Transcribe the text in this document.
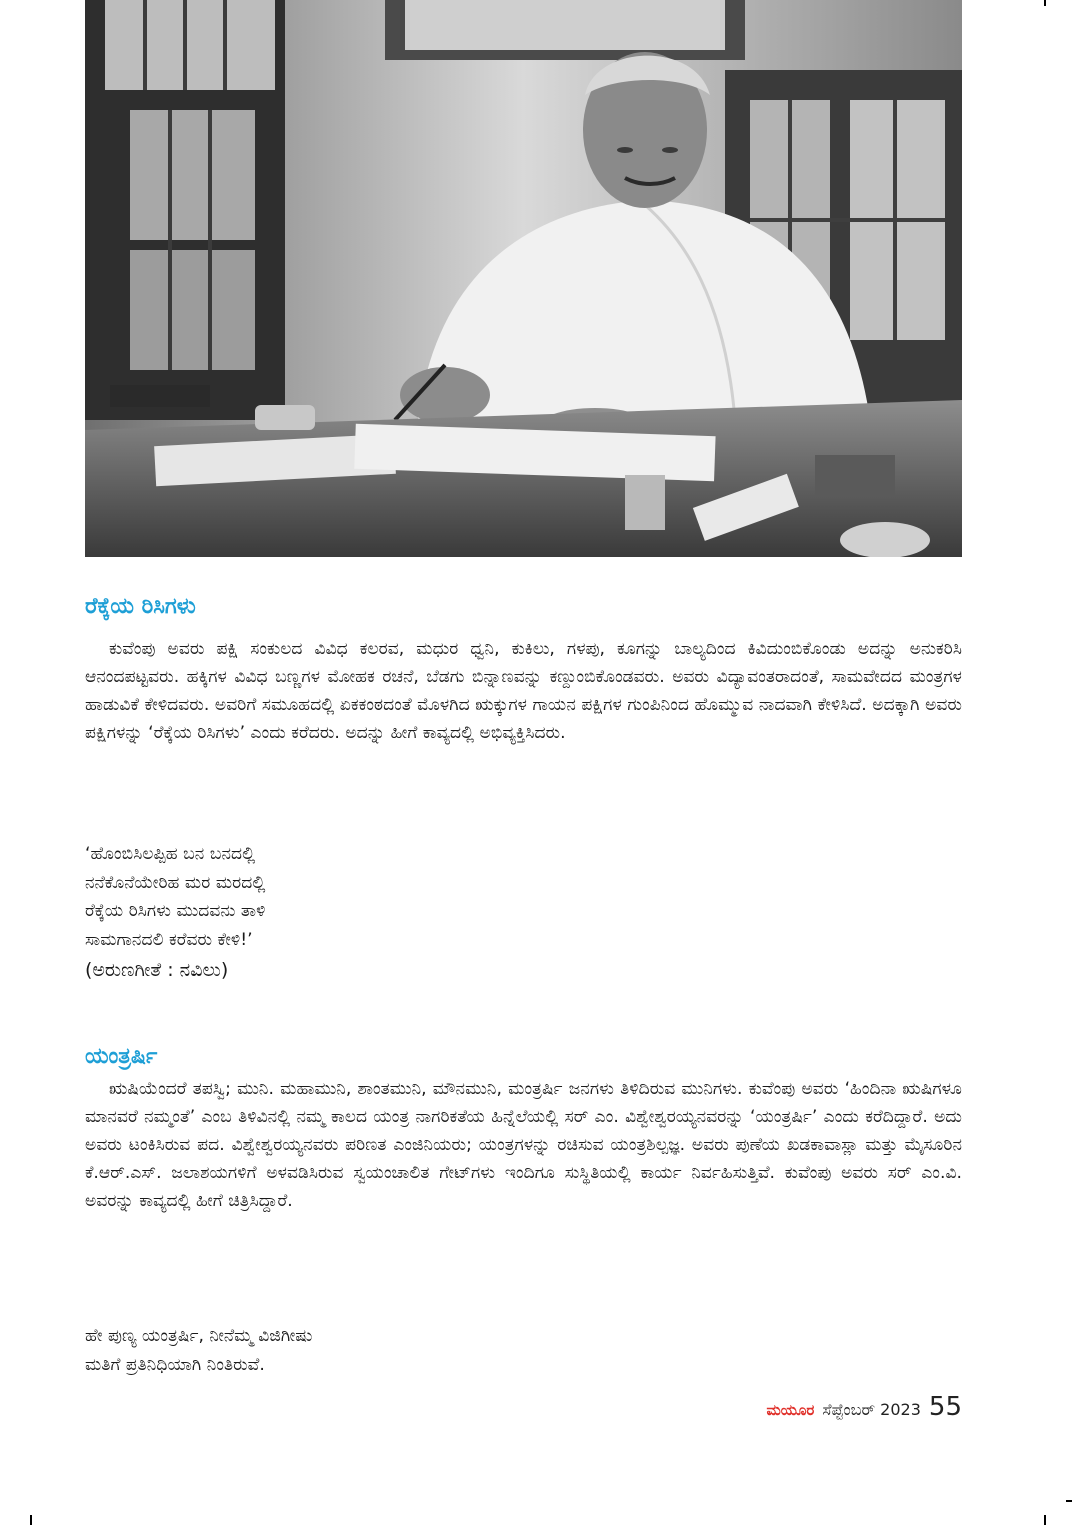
ರೆಕ್ಕೆಯ ರಿಸಿಗಳು

ಕುವೆಂಪು ಅವರು ಪಕ್ಷಿ ಸಂಕುಲದ ವಿವಿಧ ಕಲರವ, ಮಧುರ ಧ್ವನಿ, ಕುಕಿಲು, ಗಳಪು, ಕೂಗನ್ನು ಬಾಲ್ಯದಿಂದ ಕಿವಿದುಂಬಿಕೊಂಡು ಅದನ್ನು ಅನುಕರಿಸಿ ಆನಂದಪಟ್ಟವರು. ಹಕ್ಕಿಗಳ ವಿವಿಧ ಬಣ್ಣಗಳ ಮೋಹಕ ರಚನೆ, ಬೆಡಗು ಬಿನ್ನಾಣವನ್ನು ಕಣ್ದುಂಬಿಕೊಂಡವರು. ಅವರು ವಿದ್ಯಾವಂತರಾದಂತೆ, ಸಾಮವೇದದ ಮಂತ್ರಗಳ ಹಾಡುವಿಕೆ ಕೇಳಿದವರು. ಅವರಿಗೆ ಸಮೂಹದಲ್ಲಿ ಏಕಕಂಠದಂತೆ ಮೊಳಗಿದ ಋಕ್ಕುಗಳ ಗಾಯನ ಪಕ್ಷಿಗಳ ಗುಂಪಿನಿಂದ ಹೊಮ್ಮುವ ನಾದವಾಗಿ ಕೇಳಿಸಿದೆ. ಅದಕ್ಕಾಗಿ ಅವರು ಪಕ್ಷಿಗಳನ್ನು ‘ರೆಕ್ಕೆಯ ರಿಸಿಗಳು’ ಎಂದು ಕರೆದರು. ಅದನ್ನು ಹೀಗೆ ಕಾವ್ಯದಲ್ಲಿ ಅಭಿವ್ಯಕ್ತಿಸಿದರು.

‘ಹೊಂಬಿಸಿಲಪ್ಪಿಹ ಬನ ಬನದಲ್ಲಿ
ನನೆಕೊನೆಯೇರಿಹ ಮರ ಮರದಲ್ಲಿ
ರೆಕ್ಕೆಯ ರಿಸಿಗಳು ಮುದವನು ತಾಳಿ
ಸಾಮಗಾನದಲಿ ಕರೆವರು ಕೇಳಿ!’
(ಅರುಣಗೀತೆ : ನವಿಲು)
ಯಂತ್ರರ್ಷಿ

ಋಷಿಯೆಂದರೆ ತಪಸ್ವಿ; ಮುನಿ. ಮಹಾಮುನಿ, ಶಾಂತಮುನಿ, ಮೌನಮುನಿ, ಮಂತ್ರರ್ಷಿ ಜನಗಳು ತಿಳಿದಿರುವ ಮುನಿಗಳು. ಕುವೆಂಪು ಅವರು ‘ಹಿಂದಿನಾ ಋಷಿಗಳೂ ಮಾನವರೆ ನಮ್ಮಂತೆ’ ಎಂಬ ತಿಳಿವಿನಲ್ಲಿ ನಮ್ಮ ಕಾಲದ ಯಂತ್ರ ನಾಗರಿಕತೆಯ ಹಿನ್ನೆಲೆಯಲ್ಲಿ ಸರ್ ಎಂ. ವಿಶ್ವೇಶ್ವರಯ್ಯನವರನ್ನು ‘ಯಂತ್ರರ್ಷಿ’ ಎಂದು ಕರೆದಿದ್ದಾರೆ. ಅದು ಅವರು ಟಂಕಿಸಿರುವ ಪದ. ವಿಶ್ವೇಶ್ವರಯ್ಯನವರು ಪರಿಣತ ಎಂಜಿನಿಯರು; ಯಂತ್ರಗಳನ್ನು ರಚಿಸುವ ಯಂತ್ರಶಿಲ್ಪಜ್ಞ. ಅವರು ಪುಣೆಯ ಖಡಕಾವಾಸ್ಲಾ ಮತ್ತು ಮೈಸೂರಿನ ಕೆ.ಆರ್.ಎಸ್. ಜಲಾಶಯಗಳಿಗೆ ಅಳವಡಿಸಿರುವ ಸ್ವಯಂಚಾಲಿತ ಗೇಟ್‌ಗಳು ಇಂದಿಗೂ ಸುಸ್ಥಿತಿಯಲ್ಲಿ ಕಾರ್ಯ ನಿರ್ವಹಿಸುತ್ತಿವೆ. ಕುವೆಂಪು ಅವರು ಸರ್ ಎಂ.ವಿ. ಅವರನ್ನು ಕಾವ್ಯದಲ್ಲಿ ಹೀಗೆ ಚಿತ್ರಿಸಿದ್ದಾರೆ.

ಹೇ ಪುಣ್ಯ ಯಂತ್ರರ್ಷಿ, ನೀನೆಮ್ಮ ವಿಜಿಗೀಷು
ಮತಿಗೆ ಪ್ರತಿನಿಧಿಯಾಗಿ ನಿಂತಿರುವೆ.
ಮಯೂರ ಸೆಪ್ಟೆಂಬರ್ 2023 55
